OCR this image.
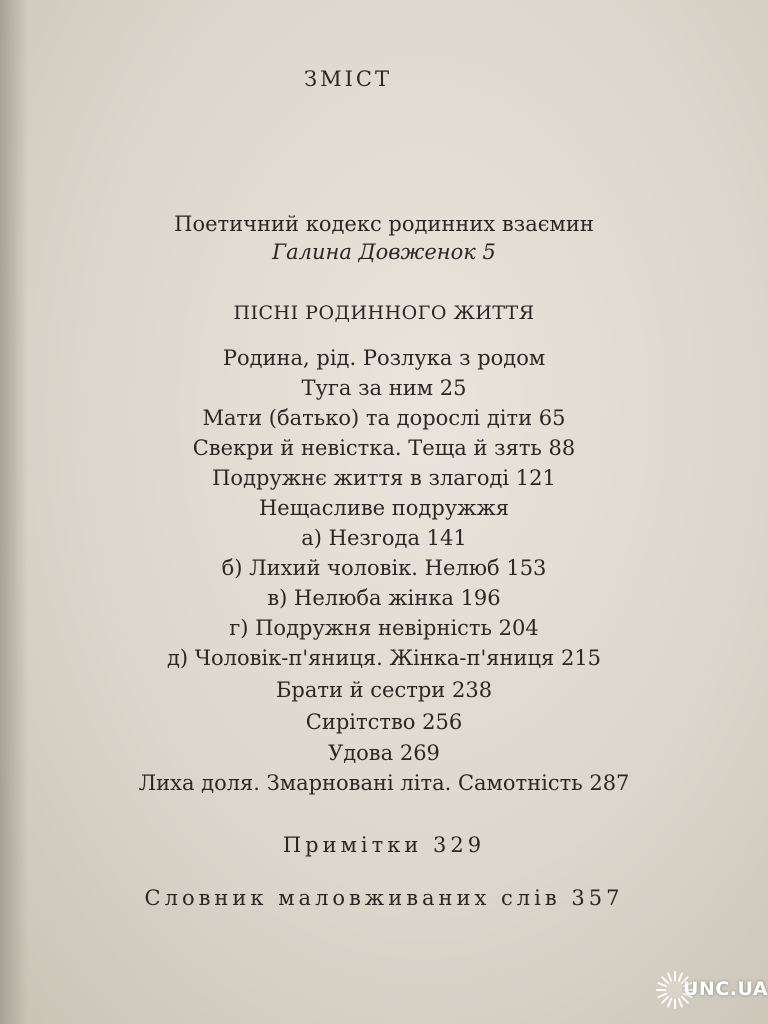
ЗМІСТ
Поетичний кодекс родинних взаємин
Галина Довженок 5
ПІСНІ РОДИННОГО ЖИТТЯ
Родина, рід. Розлука з родом
Туга за ним 25
Мати (батько) та дорослі діти 65
Свекри й невістка. Теща й зять 88
Подружнє життя в злагоді 121
Нещасливе подружжя
а) Незгода 141
б) Лихий чоловік. Нелюб 153
в) Нелюба жінка 196
г) Подружня невірність 204
д) Чоловік-п'яниця. Жінка-п'яниця 215
Брати й сестри 238
Сирітство 256
Удова 269
Лиха доля. Змарновані літа. Самотність 287
Примітки 329
Словник маловживаних слів 357
UNC.UA
